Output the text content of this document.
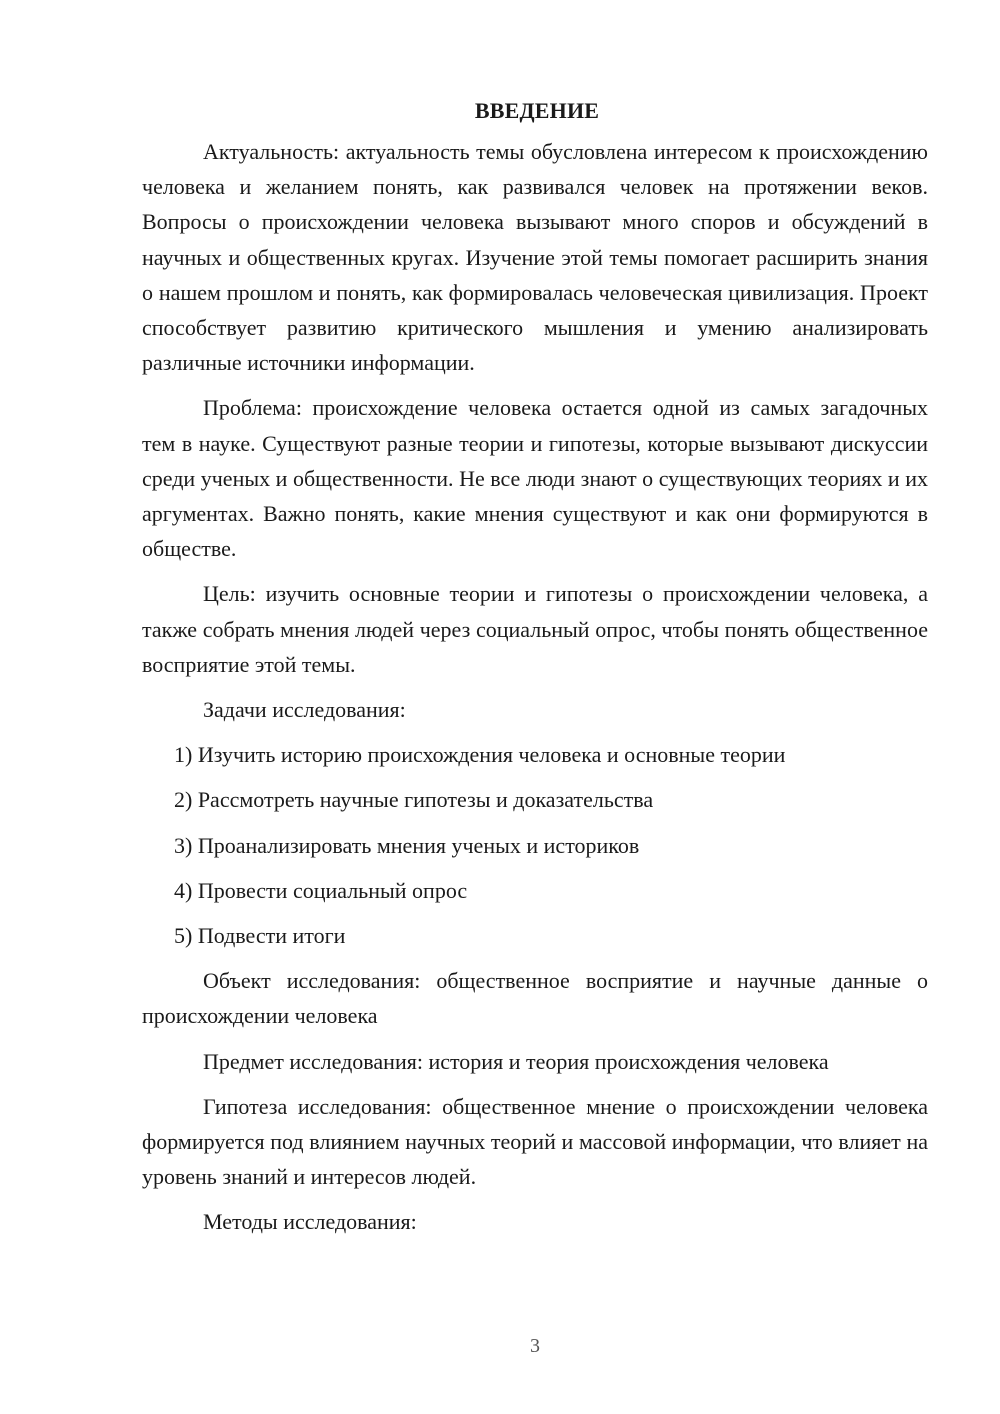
ВВЕДЕНИЕ

Актуальность: актуальность темы обусловлена интересом к происхождению человека и желанием понять, как развивался человек на протяжении веков. Вопросы о происхождении человека вызывают много споров и обсуждений в научных и общественных кругах. Изучение этой темы помогает расширить знания о нашем прошлом и понять, как формировалась человеческая цивилизация. Проект способствует развитию критического мышления и умению анализировать различные источники информации.

Проблема: происхождение человека остается одной из самых загадочных тем в науке. Существуют разные теории и гипотезы, которые вызывают дискуссии среди ученых и общественности. Не все люди знают о существующих теориях и их аргументах. Важно понять, какие мнения существуют и как они формируются в обществе.

Цель: изучить основные теории и гипотезы о происхождении человека, а также собрать мнения людей через социальный опрос, чтобы понять общественное восприятие этой темы.

Задачи исследования:

1) Изучить историю происхождения человека и основные теории
2) Рассмотреть научные гипотезы и доказательства
3) Проанализировать мнения ученых и историков
4) Провести социальный опрос
5) Подвести итоги

Объект исследования: общественное восприятие и научные данные о происхождении человека

Предмет исследования: история и теория происхождения человека

Гипотеза исследования: общественное мнение о происхождении человека формируется под влиянием научных теорий и массовой информации, что влияет на уровень знаний и интересов людей.

Методы исследования:

3
